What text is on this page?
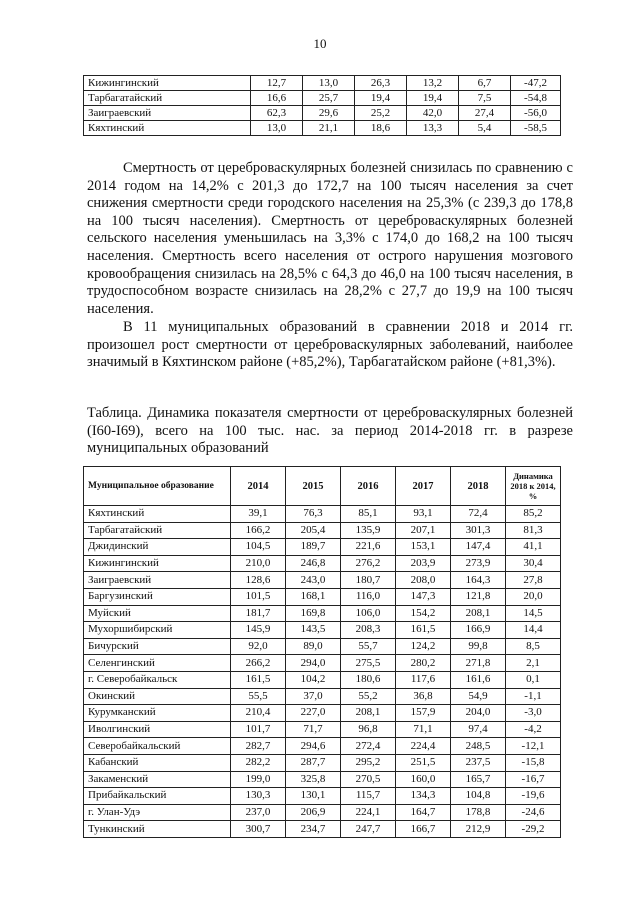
10
Кижингинский	12,7	13,0	26,3	13,2	6,7	-47,2
Тарбагатайский	16,6	25,7	19,4	19,4	7,5	-54,8
Заиграевский	62,3	29,6	25,2	42,0	27,4	-56,0
Кяхтинский	13,0	21,1	18,6	13,3	5,4	-58,5

Смертность от цереброваскулярных болезней снизилась по сравнению с 2014 годом на 14,2% с 201,3 до 172,7 на 100 тысяч населения за счет снижения смертности среди городского населения на 25,3% (с 239,3 до 178,8 на 100 тысяч населения). Смертность от цереброваскулярных болезней сельского населения уменьшилась на 3,3% с 174,0 до 168,2 на 100 тысяч населения. Смертность всего населения от острого нарушения мозгового кровообращения снизилась на 28,5% с 64,3 до 46,0 на 100 тысяч населения, в трудоспособном возрасте снизилась на 28,2% с 27,7 до 19,9 на 100 тысяч населения.

В 11 муниципальных образований в сравнении 2018 и 2014 гг. произошел рост смертности от цереброваскулярных заболеваний, наиболее значимый в Кяхтинском районе (+85,2%), Тарбагатайском районе (+81,3%).

Таблица. Динамика показателя смертности от цереброваскулярных болезней (I60-I69), всего на 100 тыс. нас. за период 2014-2018 гг. в разрезе муниципальных образований

Муниципальное образование	2014	2015	2016	2017	2018	Динамика 2018 к 2014, %
Кяхтинский	39,1	76,3	85,1	93,1	72,4	85,2
Тарбагатайский	166,2	205,4	135,9	207,1	301,3	81,3
Джидинский	104,5	189,7	221,6	153,1	147,4	41,1
Кижингинский	210,0	246,8	276,2	203,9	273,9	30,4
Заиграевский	128,6	243,0	180,7	208,0	164,3	27,8
Баргузинский	101,5	168,1	116,0	147,3	121,8	20,0
Муйский	181,7	169,8	106,0	154,2	208,1	14,5
Мухоршибирский	145,9	143,5	208,3	161,5	166,9	14,4
Бичурский	92,0	89,0	55,7	124,2	99,8	8,5
Селенгинский	266,2	294,0	275,5	280,2	271,8	2,1
г. Северобайкальск	161,5	104,2	180,6	117,6	161,6	0,1
Окинский	55,5	37,0	55,2	36,8	54,9	-1,1
Курумканский	210,4	227,0	208,1	157,9	204,0	-3,0
Иволгинский	101,7	71,7	96,8	71,1	97,4	-4,2
Северобайкальский	282,7	294,6	272,4	224,4	248,5	-12,1
Кабанский	282,2	287,7	295,2	251,5	237,5	-15,8
Закаменский	199,0	325,8	270,5	160,0	165,7	-16,7
Прибайкальский	130,3	130,1	115,7	134,3	104,8	-19,6
г. Улан-Удэ	237,0	206,9	224,1	164,7	178,8	-24,6
Тункинский	300,7	234,7	247,7	166,7	212,9	-29,2
